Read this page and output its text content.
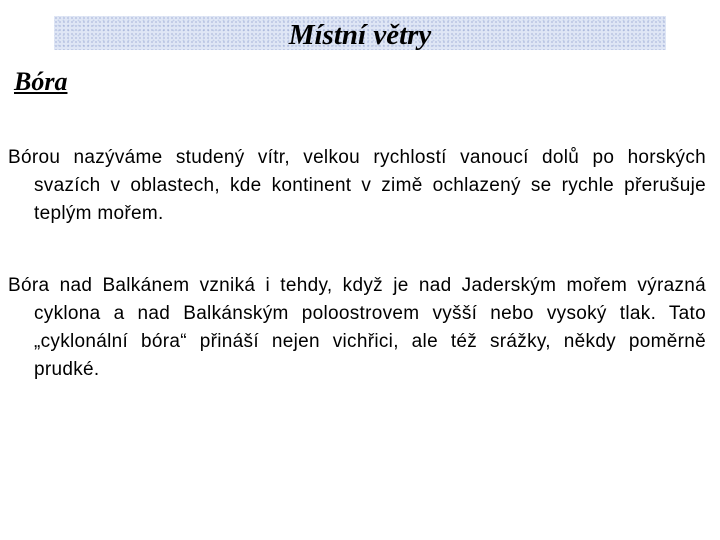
Místní větry
Bóra

Bórou nazýváme studený vítr, velkou rychlostí vanoucí dolů po horských svazích v oblastech, kde kontinent v zimě ochlazený se rychle přerušuje teplým mořem.

Bóra nad Balkánem vzniká i tehdy, když je nad Jaderským mořem výrazná cyklona a nad Balkánským poloostrovem vyšší nebo vysoký tlak. Tato „cyklonální bóra“ přináší nejen vichřici, ale též srážky, někdy poměrně prudké.
